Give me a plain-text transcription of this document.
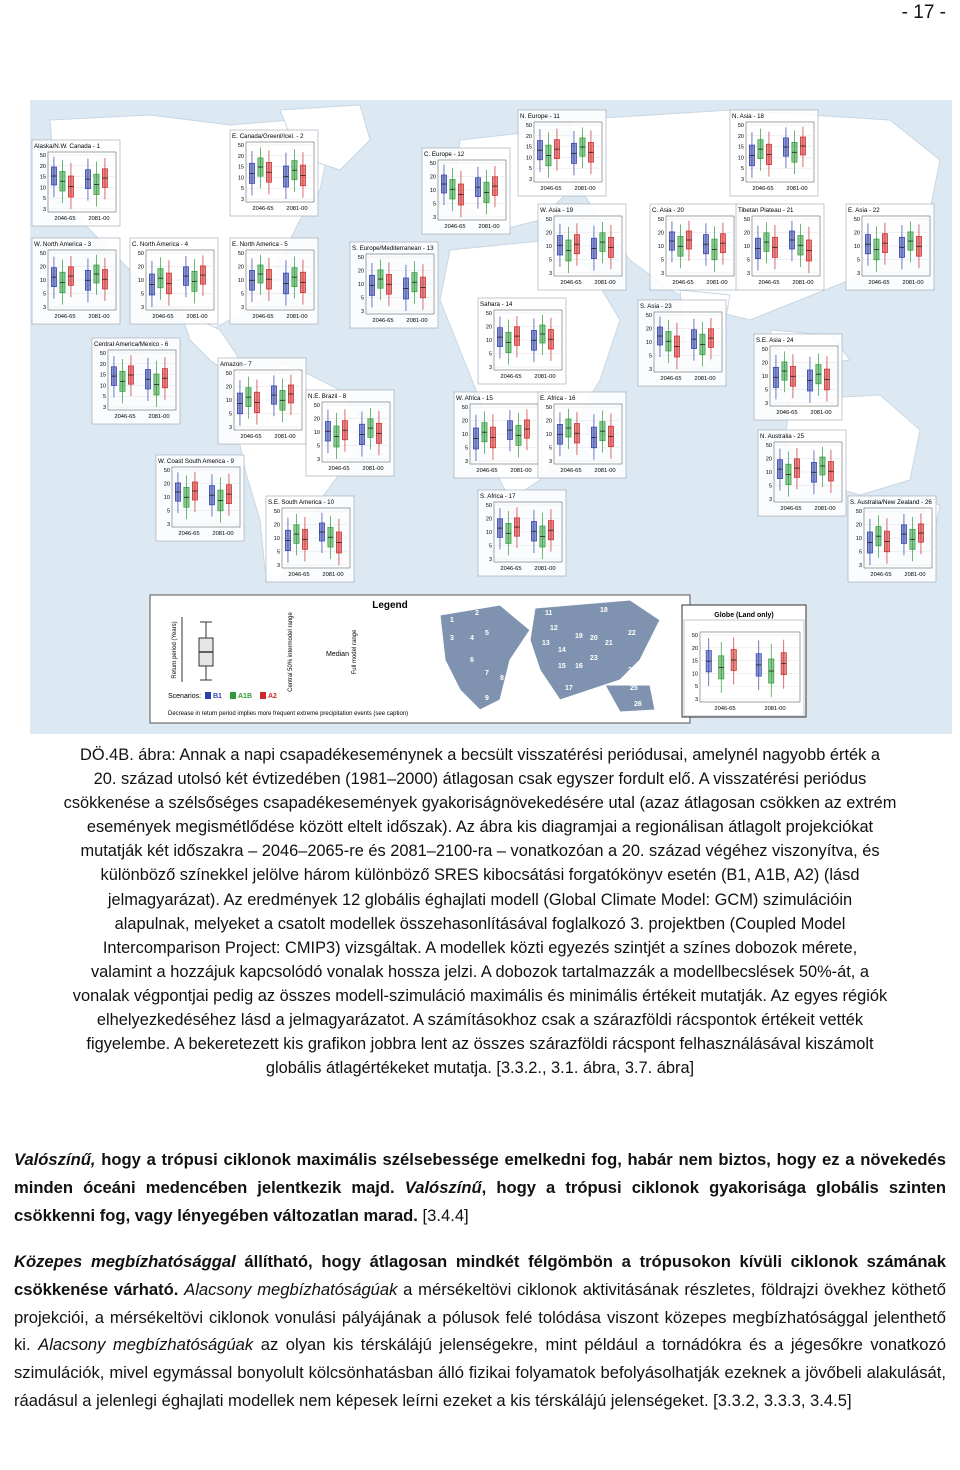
- 17 -
Alaska/N.W. Canada - 1
50
20
15
10
5
3
2046-65 2081-00
E. Canada/Greenl/Icel. - 2
50
20
15
10
5
3
2046-65 2081-00
W. North America - 3
50
20
10
5
3
2046-65 2081-00
C. North America - 4
50
20
10
5
3
2046-65 2081-00
E. North America - 5
50
20
10
5
3
2046-65 2081-00
Central America/Mexico - 6
50
20
15
10
5
3
2046-65 2081-00
Amazon - 7
50
20
10
5
3
2046-65 2081-00
N.E. Brazil - 8
50
20
10
5
3
2046-65 2081-00
W. Coast South America - 9
50
20
10
5
3
2046-65 2081-00
S.E. South America - 10
50
20
10
5
3
2046-65 2081-00
N. Europe - 11
50
20
15
10
5
3
2046-65 2081-00
C. Europe - 12
50
20
10
5
3
2046-65 2081-00
S. Europe/Mediterranean - 13
50
20
10
5
3
2046-65 2081-00
Sahara - 14
50
20
10
5
3
2046-65 2081-00
W. Africa - 15
50
20
10
5
3
2046-65 2081-00
E. Africa - 16
50
20
10
5
3
2046-65 2081-00
S. Africa - 17
50
20
10
5
3
2046-65 2081-00
N. Asia - 18
50
20
15
10
5
3
2046-65 2081-00
W. Asia - 19
50
20
10
5
3
2046-65 2081-00
C. Asia - 20
50
20
10
5
3
2046-65 2081-00
Tibetan Plateau - 21
50
20
10
5
3
2046-65 2081-00
E. Asia - 22
50
20
10
5
3
2046-65 2081-00
S. Asia - 23
50
20
10
5
3
2046-65 2081-00
S.E. Asia - 24
50
20
10
5
3
2046-65 2081-00
N. Australia - 25
50
20
10
5
3
2046-65 2081-00
S. Australia/New Zealand - 26
50
20
10
5
3
2046-65 2081-00
Legend
Return period (Years)	Central 50% intermodel range	Median Full model range
Scenarios: B1 A1B A2
Decrease in return period implies more frequent extreme precipitation events (see caption)
1
2
3 4
5
6
7
8
9 10
11
12
13
14
15 16
17
18
19 20
21
22
23
24
25
26
Globe (Land only)
50
20
15
10
5
3
2046-65	2081-00
DÖ.4B. ábra: Annak a napi csapadékeseménynek a becsült visszatérési periódusai, amelynél nagyobb érték a
20. század utolsó két évtizedében (1981–2000) átlagosan csak egyszer fordult elő. A visszatérési periódus
csökkenése a szélsőséges csapadékesemények gyakoriságnövekedésére utal (azaz átlagosan csökken az extrém
események megismétlődése között eltelt időszak). Az ábra kis diagramjai a regionálisan átlagolt projekciókat
mutatják két időszakra – 2046–2065-re és 2081–2100-ra – vonatkozóan a 20. század végéhez viszonyítva, és
különböző színekkel jelölve három különböző SRES kibocsátási forgatókönyv esetén (B1, A1B, A2) (lásd
jelmagyarázat). Az eredmények 12 globális éghajlati modell (Global Climate Model: GCM) szimulációin
alapulnak, melyeket a csatolt modellek összehasonlításával foglalkozó 3. projektben (Coupled Model
Intercomparison Project: CMIP3) vizsgáltak. A modellek közti egyezés szintjét a színes dobozok mérete,
valamint a hozzájuk kapcsolódó vonalak hossza jelzi. A dobozok tartalmazzák a modellbecslések 50%-át, a
vonalak végpontjai pedig az összes modell-szimuláció maximális és minimális értékeit mutatják. Az egyes régiók
elhelyezkedéséhez lásd a jelmagyarázatot. A számításokhoz csak a szárazföldi rácspontok értékeit vették
figyelembe. A bekeretezett kis grafikon jobbra lent az összes szárazföldi rácspont felhasználásával kiszámolt
globális átlagértékeket mutatja. [3.3.2., 3.1. ábra, 3.7. ábra]
Valószínű, hogy a trópusi ciklonok maximális szélsebessége emelkedni fog, habár nem biztos, hogy ez a növekedés minden óceáni medencében jelentkezik majd. Valószínű, hogy a trópusi ciklonok gyakorisága globális szinten csökkenni fog, vagy lényegében változatlan marad. [3.4.4]
Közepes megbízhatósággal állítható, hogy átlagosan mindkét félgömbön a trópusokon kívüli ciklonok számának csökkenése várható. Alacsony megbízhatóságúak a mérsékeltövi ciklonok aktivitásának részletes, földrajzi övekhez köthető projekciói, a mérsékeltövi ciklonok vonulási pályájának a pólusok felé tolódása viszont közepes megbízhatósággal jelenthető ki. Alacsony megbízhatóságúak az olyan kis térskálájú jelenségekre, mint például a tornádókra és a jégesőkre vonatkozó szimulációk, mivel egymással bonyolult kölcsönhatásban álló fizikai folyamatok befolyásolhatják ezeknek a jövőbeli alakulását, ráadásul a jelenlegi éghajlati modellek nem képesek leírni ezeket a kis térskálájú jelenségeket. [3.3.2, 3.3.3, 3.4.5]
